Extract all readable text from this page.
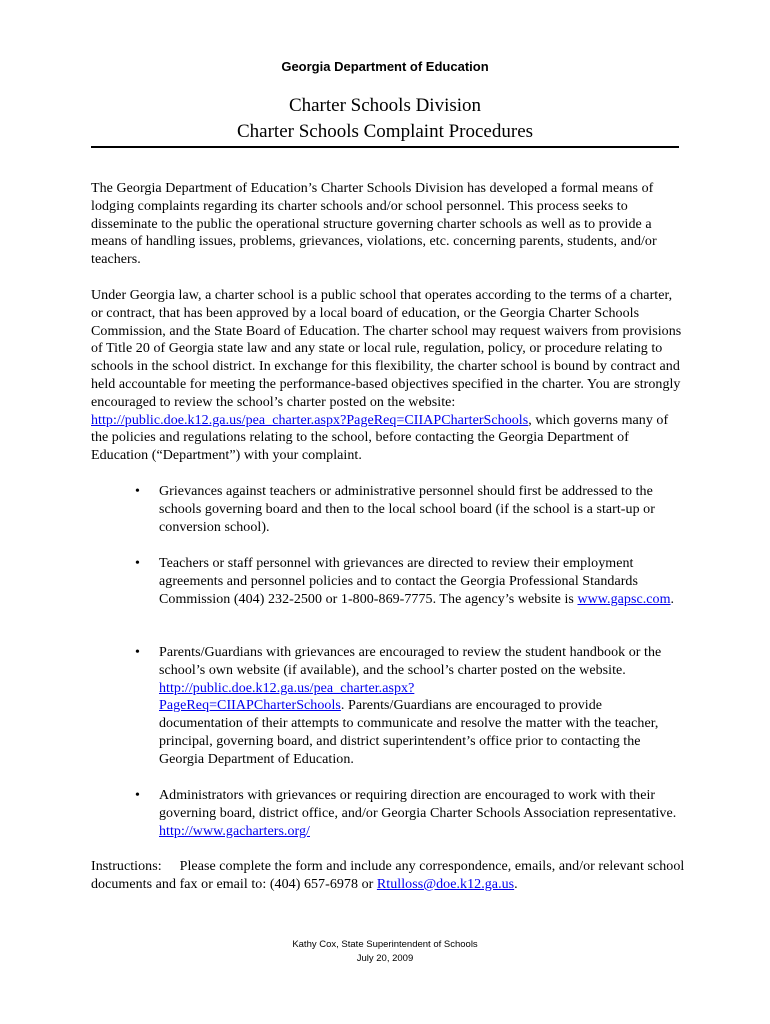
Georgia Department of Education
Charter Schools Division
Charter Schools Complaint Procedures

The Georgia Department of Education’s Charter Schools Division has developed a formal means of lodging complaints regarding its charter schools and/or school personnel. This process seeks to disseminate to the public the operational structure governing charter schools as well as to provide a means of handling issues, problems, grievances, violations, etc. concerning parents, students, and/or teachers.

Under Georgia law, a charter school is a public school that operates according to the terms of a charter, or contract, that has been approved by a local board of education, or the Georgia Charter Schools Commission, and the State Board of Education. The charter school may request waivers from provisions of Title 20 of Georgia state law and any state or local rule, regulation, policy, or procedure relating to schools in the school district. In exchange for this flexibility, the charter school is bound by contract and held accountable for meeting the performance-based objectives specified in the charter. You are strongly encouraged to review the school’s charter posted on the website: http://public.doe.k12.ga.us/pea_charter.aspx?PageReq=CIIAPCharterSchools, which governs many of the policies and regulations relating to the school, before contacting the Georgia Department of Education (“Department”) with your complaint.

• Grievances against teachers or administrative personnel should first be addressed to the schools governing board and then to the local school board (if the school is a start-up or conversion school).

• Teachers or staff personnel with grievances are directed to review their employment agreements and personnel policies and to contact the Georgia Professional Standards Commission (404) 232-2500 or 1-800-869-7775. The agency’s website is www.gapsc.com.

• Parents/Guardians with grievances are encouraged to review the student handbook or the school’s own website (if available), and the school’s charter posted on the website. http://public.doe.k12.ga.us/pea_charter.aspx?
PageReq=CIIAPCharterSchools. Parents/Guardians are encouraged to provide documentation of their attempts to communicate and resolve the matter with the teacher, principal, governing board, and district superintendent’s office prior to contacting the Georgia Department of Education.

• Administrators with grievances or requiring direction are encouraged to work with their governing board, district office, and/or Georgia Charter Schools Association representative. http://www.gacharters.org/

Instructions: Please complete the form and include any correspondence, emails, and/or relevant school documents and fax or email to: (404) 657-6978 or Rtulloss@doe.k12.ga.us.

Kathy Cox, State Superintendent of Schools
July 20, 2009
